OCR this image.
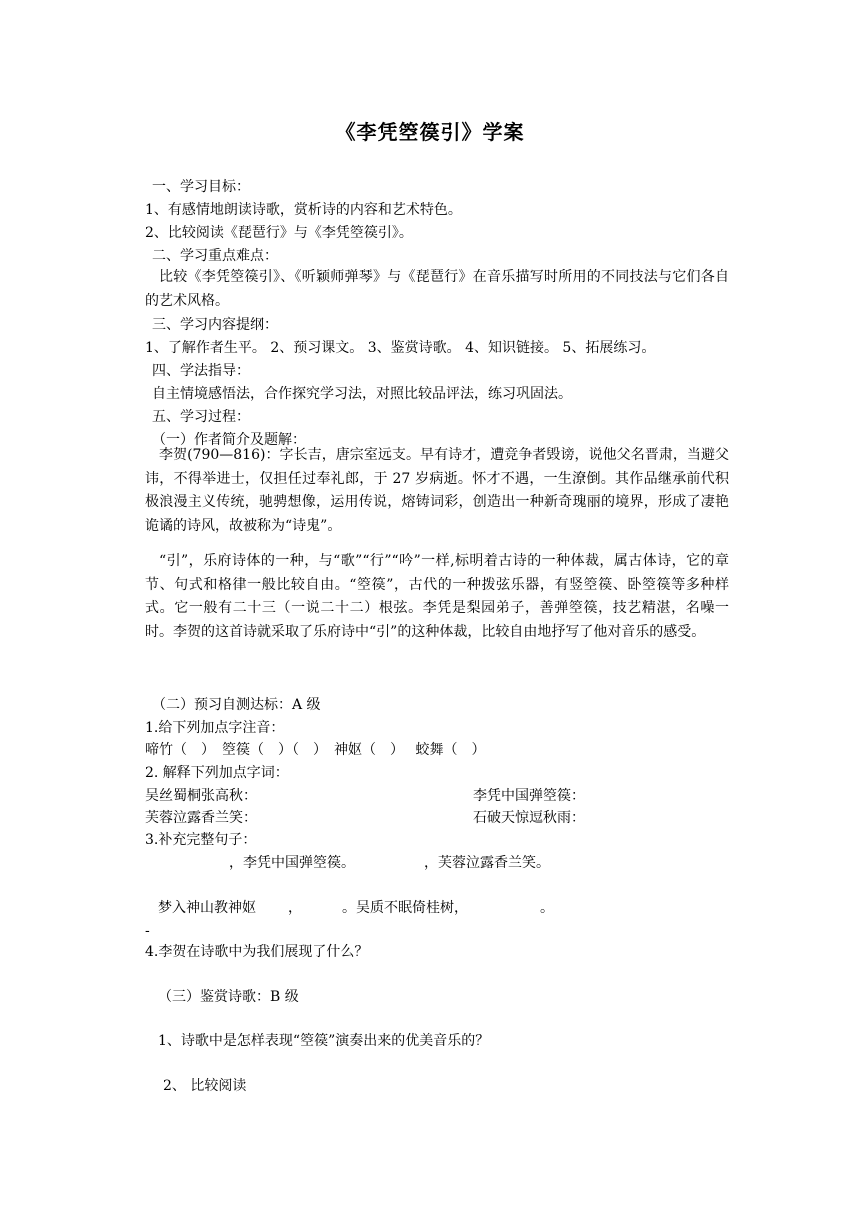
《李凭箜篌引》学案
一、学习目标：
1、有感情地朗读诗歌，赏析诗的内容和艺术特色。
2、比较阅读《琵琶行》与《李凭箜篌引》。
二、学习重点难点：
比较《李凭箜篌引》、《听颖师弹琴》与《琵琶行》在音乐描写时所用的不同技法与它们各自的艺术风格。
三、学习内容提纲：
1、了解作者生平。 2、预习课文。 3、鉴赏诗歌。 4、知识链接。 5、拓展练习。
四、学法指导：
自主情境感悟法，合作探究学习法，对照比较品评法，练习巩固法。
五、学习过程：
（一）作者简介及题解：
李贺(790—816)：字长吉，唐宗室远支。早有诗才，遭竞争者毁谤，说他父名晋肃，当避父讳，不得举进士，仅担任过奉礼郎，于 27 岁病逝。怀才不遇，一生潦倒。其作品继承前代积极浪漫主义传统，驰骋想像，运用传说，熔铸词彩，创造出一种新奇瑰丽的境界，形成了凄艳诡谲的诗风，故被称为“诗鬼”。
“引”，乐府诗体的一种，与“歌”“行”“吟”一样,标明着古诗的一种体裁，属古体诗，它的章节、句式和格律一般比较自由。“箜篌”，古代的一种拨弦乐器，有竖箜篌、卧箜篌等多种样式。它一般有二十三（一说二十二）根弦。李凭是梨园弟子，善弹箜篌，技艺精湛，名噪一时。李贺的这首诗就采取了乐府诗中“引”的这种体裁，比较自由地抒写了他对音乐的感受。
（二）预习自测达标：A 级
1.给下列加点字注音：
啼竹（　）　箜篌（　）（　）　神妪（　）　 蛟舞（　）
2. 解释下列加点字词：
吴丝蜀桐张高秋：	李凭中国弹箜篌：
芙蓉泣露香兰笑：	石破天惊逗秋雨：
3.补充完整句子：
，李凭中国弹箜篌。	，芙蓉泣露香兰笑。
梦入神山教神妪 ，	。吴质不眠倚桂树，	。
-
4.李贺在诗歌中为我们展现了什么？
（三）鉴赏诗歌：B 级
1、诗歌中是怎样表现“箜篌”演奏出来的优美音乐的？
2、 比较阅读
